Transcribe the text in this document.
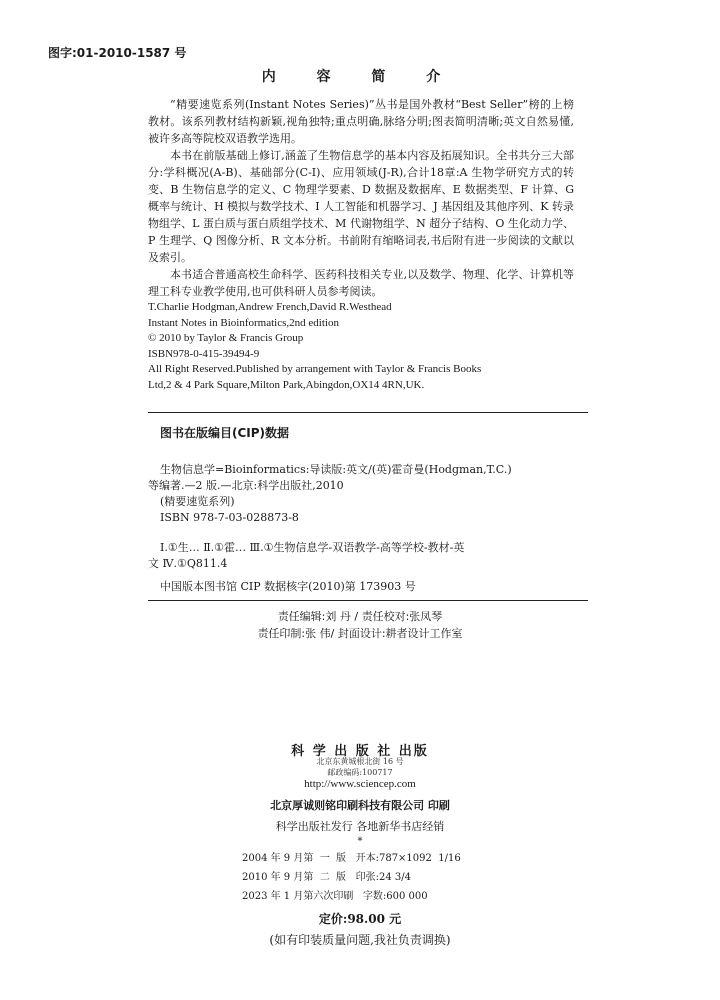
图字:01-2010-1587 号
内 容 简 介

“精要速览系列(Instant Notes Series)”丛书是国外教材“Best Seller”榜的上榜教材。该系列教材结构新颖,视角独特;重点明确,脉络分明;图表简明清晰;英文自然易懂,被许多高等院校双语教学选用。

本书在前版基础上修订,涵盖了生物信息学的基本内容及拓展知识。全书共分三大部分:学科概况(A-B)、基础部分(C-I)、应用领域(J-R),合计18章:A 生物学研究方式的转变、B 生物信息学的定义、C 物理学要素、D 数据及数据库、E 数据类型、F 计算、G 概率与统计、H 模拟与数学技术、I 人工智能和机器学习、J 基因组及其他序列、K 转录物组学、L 蛋白质与蛋白质组学技术、M 代谢物组学、N 超分子结构、O 生化动力学、P 生理学、Q 图像分析、R 文本分析。书前附有缩略词表,书后附有进一步阅读的文献以及索引。

本书适合普通高校生命科学、医药科技相关专业,以及数学、物理、化学、计算机等理工科专业教学使用,也可供科研人员参考阅读。

T.Charlie Hodgman,Andrew French,David R.Westhead
Instant Notes in Bioinformatics,2nd edition
© 2010 by Taylor & Francis Group
ISBN978-0-415-39494-9
All Right Reserved.Published by arrangement with Taylor & Francis Books
Ltd,2 & 4 Park Square,Milton Park,Abingdon,OX14 4RN,UK.
图书在版编目(CIP)数据
生物信息学=Bioinformatics:导读版:英文/(英)霍奇曼(Hodgman,T.C.)
等编著.—2 版.—北京:科学出版社,2010
(精要速览系列)
ISBN 978-7-03-028873-8
Ⅰ.①生… Ⅱ.①霍… Ⅲ.①生物信息学-双语教学-高等学校-教材-英
文 Ⅳ.①Q811.4
中国版本图书馆 CIP 数据核字(2010)第 173903 号
责任编辑:刘 丹 / 责任校对:张凤琴
责任印制:张 伟/ 封面设计:耕者设计工作室
科 学 出 版 社 出版
北京东黄城根北街 16 号
邮政编码:100717
http://www.sciencep.com
北京厚诚则铭印刷科技有限公司 印刷
科学出版社发行 各地新华书店经销
*
2004 年 9 月第  一  版   开本:787×1092  1/16
2010 年 9 月第  二  版   印张:24 3/4
2023 年 1 月第六次印刷   字数:600 000
定价:98.00 元
(如有印装质量问题,我社负责调换)
